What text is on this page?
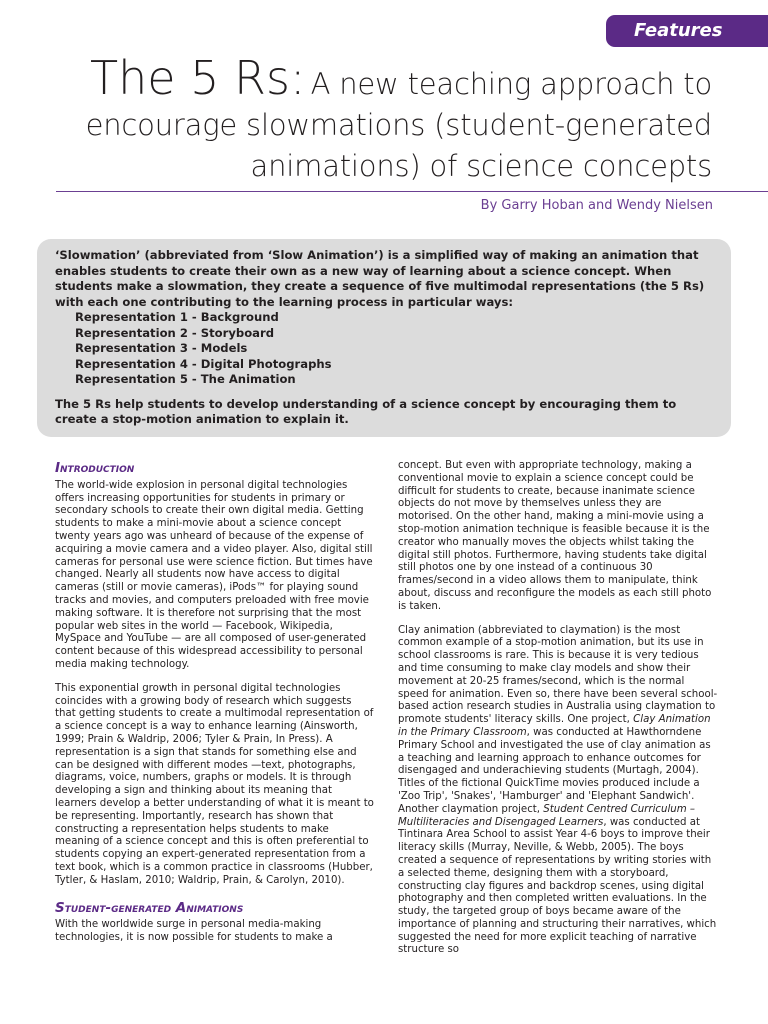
Features
The 5 Rs: A new teaching approach to encourage slowmations (student-generated animations) of science concepts
By Garry Hoban and Wendy Nielsen

‘Slowmation’ (abbreviated from ‘Slow Animation’) is a simplified way of making an animation that enables students to create their own as a new way of learning about a science concept. When students make a slowmation, they create a sequence of five multimodal representations (the 5 Rs) with each one contributing to the learning process in particular ways:

Representation 1 - Background
Representation 2 - Storyboard
Representation 3 - Models
Representation 4 - Digital Photographs
Representation 5 - The Animation

The 5 Rs help students to develop understanding of a science concept by encouraging them to create a stop-motion animation to explain it.

Introduction

The world-wide explosion in personal digital technologies offers increasing opportunities for students in primary or secondary schools to create their own digital media. Getting students to make a mini-movie about a science concept twenty years ago was unheard of because of the expense of acquiring a movie camera and a video player. Also, digital still cameras for personal use were science fiction. But times have changed. Nearly all students now have access to digital cameras (still or movie cameras), iPods™ for playing sound tracks and movies, and computers preloaded with free movie making software. It is therefore not surprising that the most popular web sites in the world — Facebook, Wikipedia, MySpace and YouTube — are all composed of user-generated content because of this widespread accessibility to personal media making technology.

This exponential growth in personal digital technologies coincides with a growing body of research which suggests that getting students to create a multimodal representation of a science concept is a way to enhance learning (Ainsworth, 1999; Prain & Waldrip, 2006; Tyler & Prain, In Press). A representation is a sign that stands for something else and can be designed with different modes —text, photographs, diagrams, voice, numbers, graphs or models. It is through developing a sign and thinking about its meaning that learners develop a better understanding of what it is meant to be representing. Importantly, research has shown that constructing a representation helps students to make meaning of a science concept and this is often preferential to students copying an expert-generated representation from a text book, which is a common practice in classrooms (Hubber, Tytler, & Haslam, 2010; Waldrip, Prain, & Carolyn, 2010).

Student-generated Animations

With the worldwide surge in personal media-making technologies, it is now possible for students to make a

concept. But even with appropriate technology, making a conventional movie to explain a science concept could be difficult for students to create, because inanimate science objects do not move by themselves unless they are motorised. On the other hand, making a mini-movie using a stop-motion animation technique is feasible because it is the creator who manually moves the objects whilst taking the digital still photos. Furthermore, having students take digital still photos one by one instead of a continuous 30 frames/second in a video allows them to manipulate, think about, discuss and reconfigure the models as each still photo is taken.

Clay animation (abbreviated to claymation) is the most common example of a stop-motion animation, but its use in school classrooms is rare. This is because it is very tedious and time consuming to make clay models and show their movement at 20-25 frames/second, which is the normal speed for animation. Even so, there have been several school-based action research studies in Australia using claymation to promote students' literacy skills. One project, Clay Animation in the Primary Classroom, was conducted at Hawthorndene Primary School and investigated the use of clay animation as a teaching and learning approach to enhance outcomes for disengaged and underachieving students (Murtagh, 2004). Titles of the fictional QuickTime movies produced include a 'Zoo Trip', 'Snakes', 'Hamburger' and 'Elephant Sandwich'. Another claymation project, Student Centred Curriculum – Multiliteracies and Disengaged Learners, was conducted at Tintinara Area School to assist Year 4-6 boys to improve their literacy skills (Murray, Neville, & Webb, 2005). The boys created a sequence of representations by writing stories with a selected theme, designing them with a storyboard, constructing clay figures and backdrop scenes, using digital photography and then completed written evaluations. In the study, the targeted group of boys became aware of the importance of planning and structuring their narratives, which suggested the need for more explicit teaching of narrative structure so
